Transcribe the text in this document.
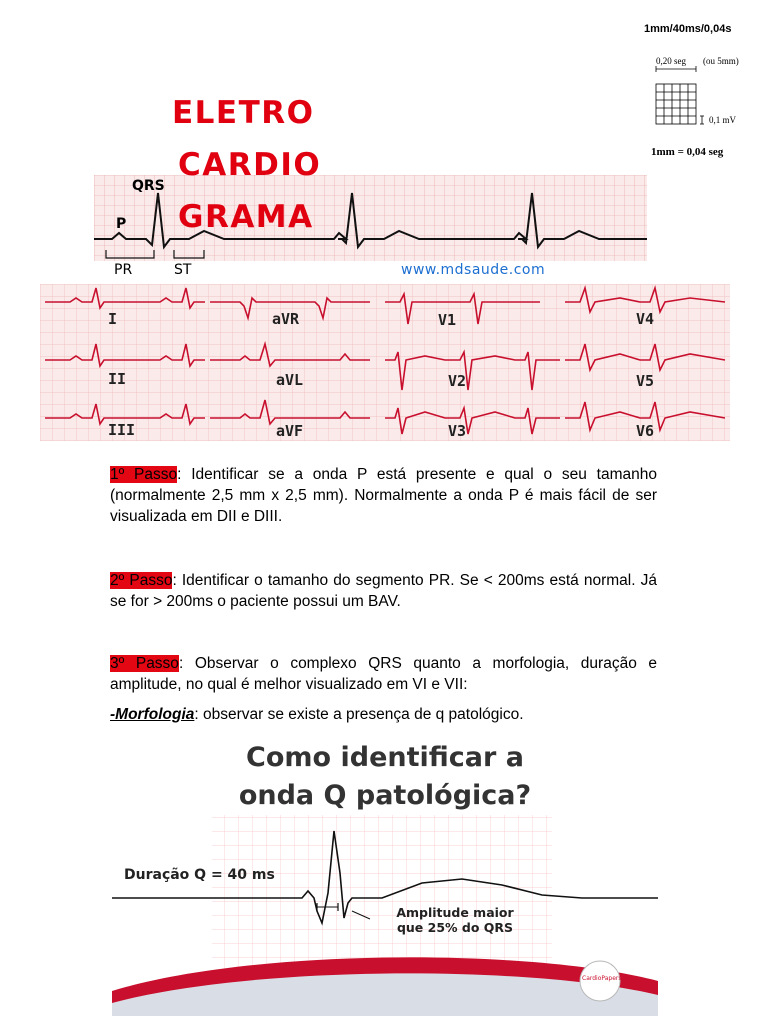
1mm/40ms/0,04s
0,20 seg (ou 5mm)
0,1 mV
1mm = 0,04 seg
QRS
P
PR	ST	www.mdsaude.com
ELETRO
CARDIO
GRAMA
I
II
III
aVR
aVL
aVF
V1
V2
V3
V4
V5
V6
1º Passo: Identificar se a onda P está presente e qual o seu tamanho (normalmente 2,5 mm x 2,5 mm). Normalmente a onda P é mais fácil de ser visualizada em DII e DIII.
2º Passo: Identificar o tamanho do segmento PR. Se < 200ms está normal. Já se for > 200ms o paciente possui um BAV.
3º Passo: Observar o complexo QRS quanto a morfologia, duração e amplitude, no qual é melhor visualizado em VI e VII:
-Morfologia: observar se existe a presença de q patológico.
Como identificar a
onda Q patológica?
Duração Q = 40 ms
Amplitude maior
que 25% do QRS
CardioPapers
